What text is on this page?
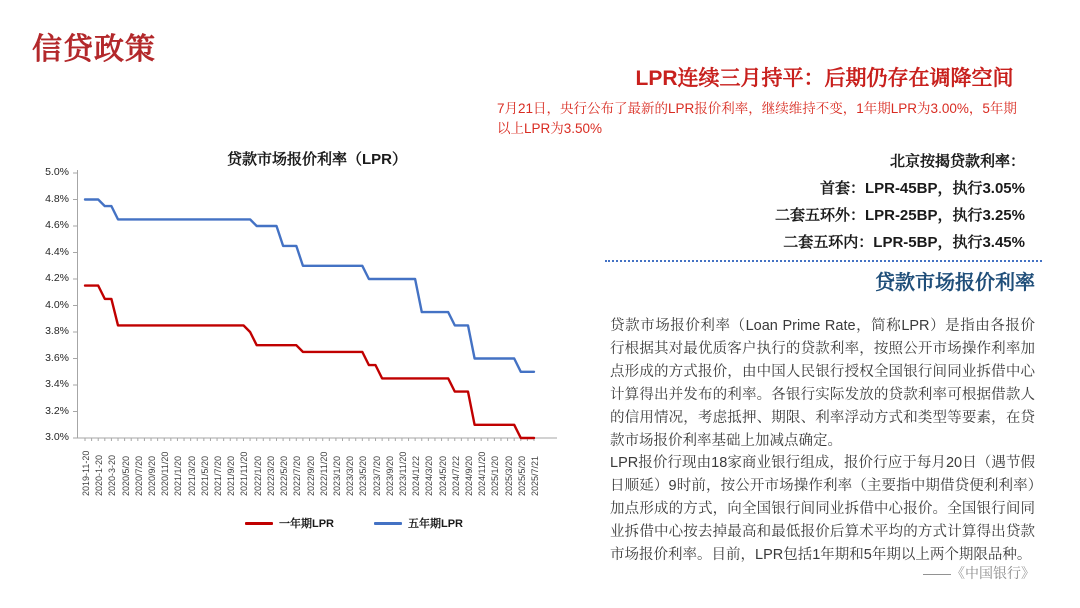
信贷政策
贷款市场报价利率（LPR）
3.0%
3.2%
3.4%
3.6%
3.8%
4.0%
4.2%
4.4%
4.6%
4.8%
5.0%
2019-11-20 2020-1-20 2020-3-20 2020/5/20 2020/7/20 2020/9/20 2020/11/20 2021/1/20 2021/3/20 2021/5/20 2021/7/20 2021/9/20 2021/11/20 2022/1/20 2022/3/20 2022/5/20 2022/7/20 2022/9/20 2022/11/20 2023/1/20 2023/3/20 2023/5/20 2023/7/20 2023/9/20 2023/11/20 2024/1/22 2024/3/20 2024/5/20 2024/7/22 2024/9/20 2024/11/20 2025/1/20 2025/3/20 2025/5/20 2025/7/21
一年期LPR	五年期LPR
LPR连续三月持平：后期仍存在调降空间
7月21日，央行公布了最新的LPR报价利率，继续维持不变，1年期LPR为3.00%，5年期以上LPR为3.50%
北京按揭贷款利率：
首套：LPR-45BP，执行3.05%
二套五环外：LPR-25BP，执行3.25%
二套五环内：LPR-5BP，执行3.45%
贷款市场报价利率
贷款市场报价利率（Loan Prime Rate，简称LPR）是指由各报价行根据其对最优质客户执行的贷款利率，按照公开市场操作利率加点形成的方式报价，由中国人民银行授权全国银行间同业拆借中心计算得出并发布的利率。各银行实际发放的贷款利率可根据借款人的信用情况，考虑抵押、期限、利率浮动方式和类型等要素，在贷款市场报价利率基础上加减点确定。
LPR报价行现由18家商业银行组成，报价行应于每月20日（遇节假日顺延）9时前，按公开市场操作利率（主要指中期借贷便利利率）加点形成的方式，向全国银行间同业拆借中心报价。全国银行间同业拆借中心按去掉最高和最低报价后算术平均的方式计算得出贷款市场报价利率。目前，LPR包括1年期和5年期以上两个期限品种。
——《中国银行》
